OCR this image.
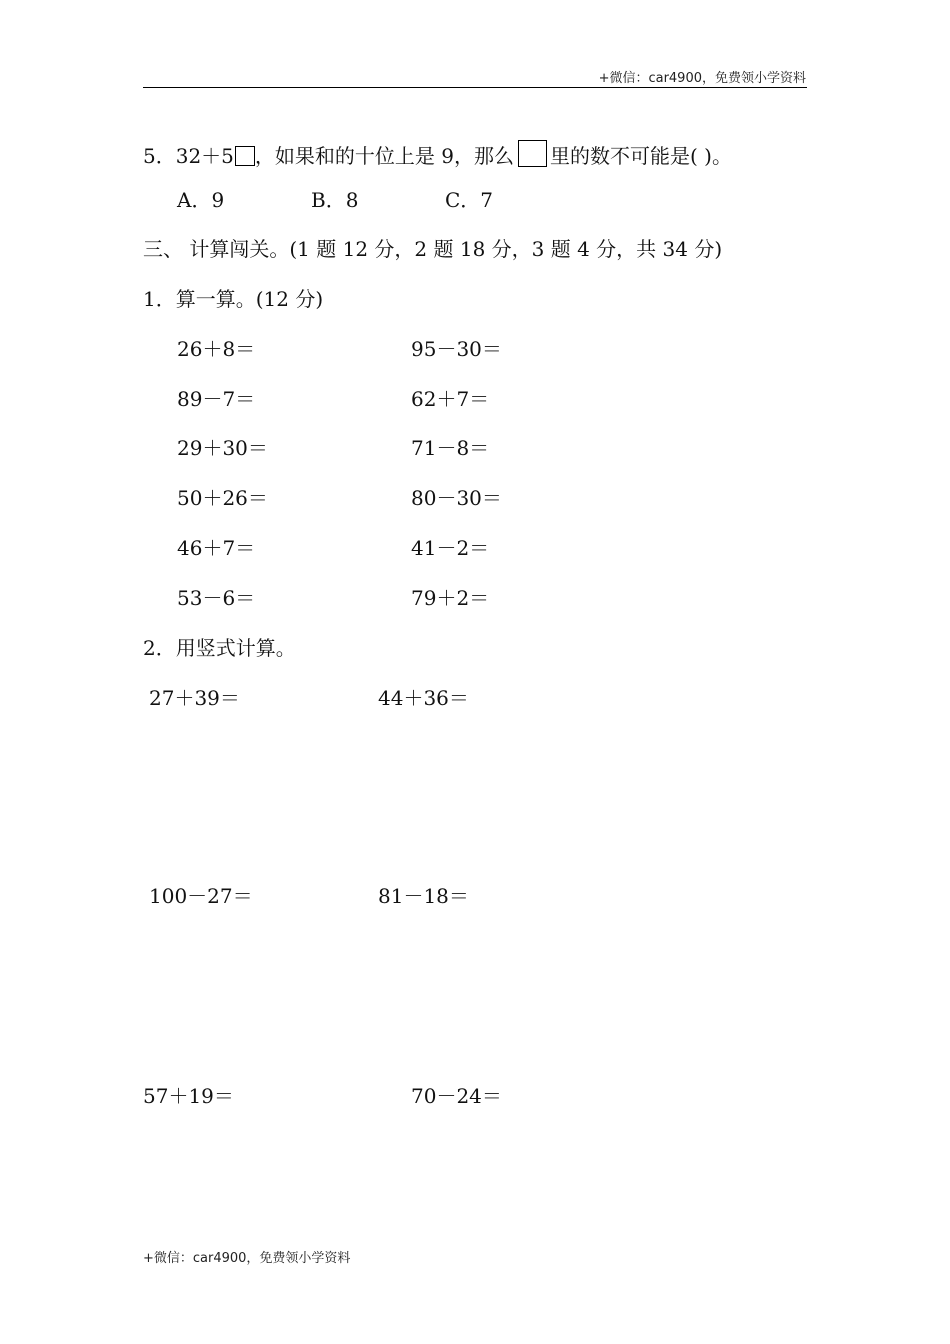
+微信：car4900，免费领小学资料
5．32＋5 ，如果和的十位上是 9，那么 里的数不可能是( )。
A．9	B．8	C．7
三、 计算闯关。(1 题 12 分，2 题 18 分，3 题 4 分，共 34 分)
1．算一算。(12 分)
26＋8＝	95－30＝
89－7＝	62＋7＝
29＋30＝	71－8＝
50＋26＝	80－30＝
46＋7＝	41－2＝
53－6＝	79＋2＝
2．用竖式计算。
27＋39＝	44＋36＝
100－27＝	81－18＝
57＋19＝	70－24＝
+微信：car4900，免费领小学资料
